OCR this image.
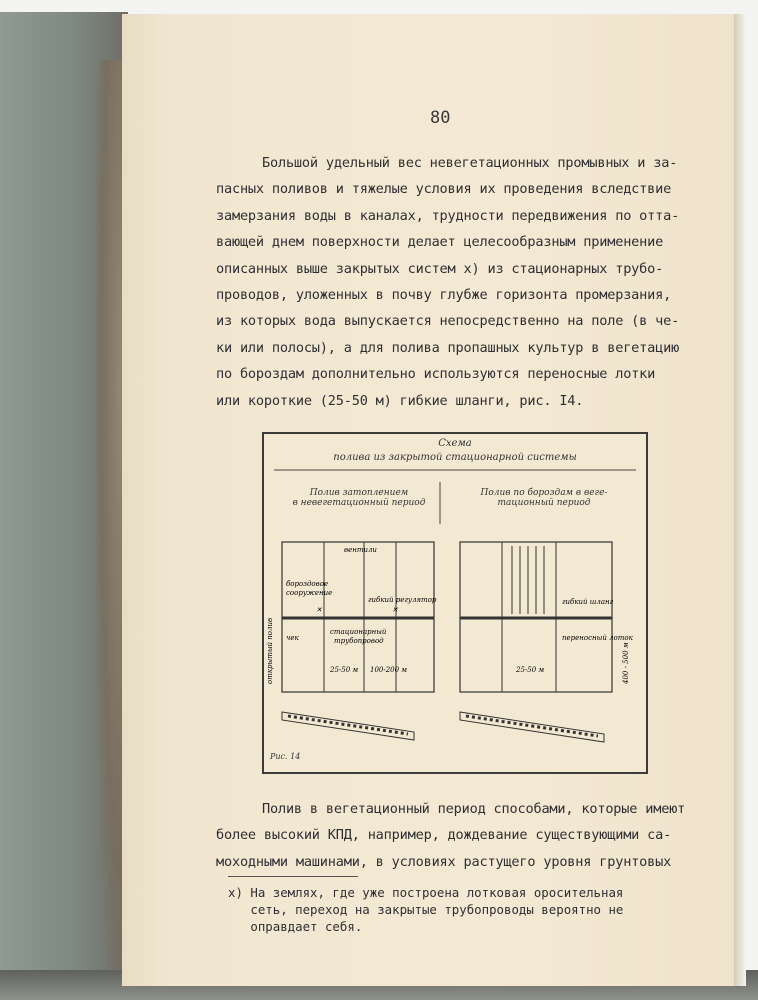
80
Большой удельный вес невегетационных промывных и за-
пасных поливов и тяжелые условия их проведения вследствие
замерзания воды в каналах, трудности передвижения по отта-
вающей днем поверхности делает целесообразным применение
описанных выше закрытых систем х) из стационарных трубо-
проводов, уложенных в почву глубже горизонта промерзания,
из которых вода выпускается непосредственно на поле (в че-
ки или полосы), а для полива пропашных культур в вегетацию
по бороздам дополнительно используются переносные лотки
или короткие (25-50 м) гибкие шланги, рис. I4.
Схема
полива из закрытой стационарной системы
Полив затоплением
в невегетационный период
Полив по бороздам в веге-
тационный период
✕	✕
вентили
бороздовое
сооружение
гибкий регулятор
стационарный
трубопровод
чек
25-50 м 100-200 м
открытый полив
гибкий шланг
переносный лоток
25-50 м	400 - 500 м
Рис. 14
Полив в вегетационный период способами, которые имеют
более высокий КПД, например, дождевание существующими са-
моходными машинами, в условиях растущего уровня грунтовых
х) На землях, где уже построена лотковая оросительная
сеть, переход на закрытые трубопроводы вероятно не
оправдает себя.
